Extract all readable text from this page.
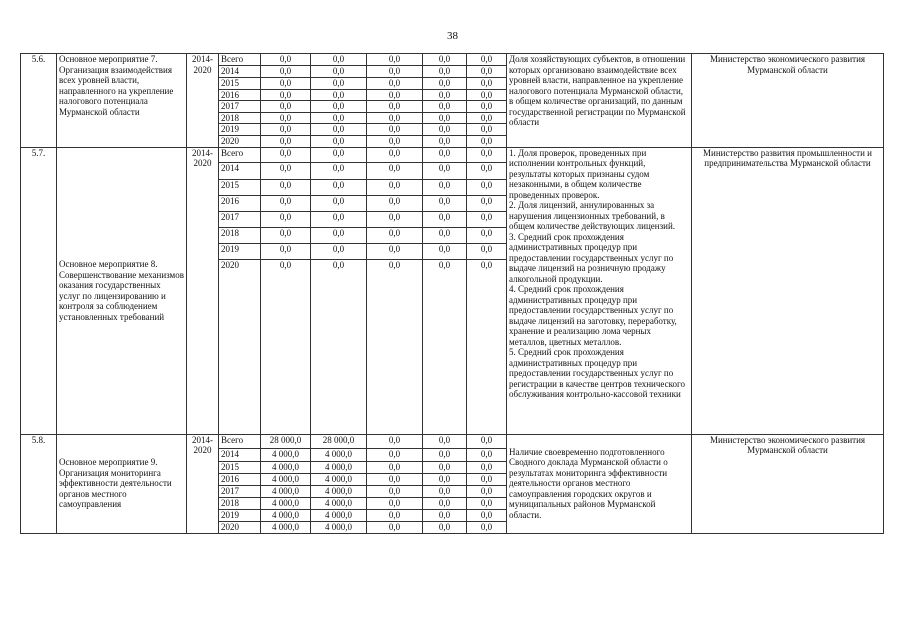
38
5.6.	Основное мероприятие 7. Организация взаимодействия всех уровней власти, направленного на укрепление налогового потенциала Мурманской области	2014-2020	Всего	0,0	0,0	0,0	0,0	0,0	Доля хозяйствующих субъектов, в отношении которых организовано взаимодействие всех уровней власти, направленное на укрепление налогового потенциала Мурманской области, в общем количестве организаций, по данным государственной регистрации по Мурманской области	Министерство экономического развития Мурманской области
			2014	0,0	0,0	0,0	0,0	0,0		
			2015	0,0	0,0	0,0	0,0	0,0		
			2016	0,0	0,0	0,0	0,0	0,0		
			2017	0,0	0,0	0,0	0,0	0,0		
			2018	0,0	0,0	0,0	0,0	0,0		
			2019	0,0	0,0	0,0	0,0	0,0		
			2020	0,0	0,0	0,0	0,0	0,0		
5.7.	Основное мероприятие 8. Совершенствование механизмов оказания государственных услуг по лицензированию и контроля за соблюдением установленных требований	2014-2020	Всего	0,0	0,0	0,0	0,0	0,0	1. Доля проверок, проведенных при исполнении контрольных функций, результаты которых признаны судом незаконными, в общем количестве проведенных проверок.

2. Доля лицензий, аннулированных за нарушения лицензионных требований, в общем количестве действующих лицензий.

3. Средний срок прохождения административных процедур при предоставлении государственных услуг по выдаче лицензий на розничную продажу алкогольной продукции.

4. Средний срок прохождения административных процедур при предоставлении государственных услуг по выдаче лицензий на заготовку, переработку, хранение и реализацию лома черных металлов, цветных металлов.

5. Средний срок прохождения административных процедур при предоставлении государственных услуг по регистрации в качестве центров технического обслуживания контрольно-кассовой техники	Министерство развития промышленности и предпринимательства Мурманской области
			2014	0,0	0,0	0,0	0,0	0,0		
			2015	0,0	0,0	0,0	0,0	0,0		
			2016	0,0	0,0	0,0	0,0	0,0		
			2017	0,0	0,0	0,0	0,0	0,0		
			2018	0,0	0,0	0,0	0,0	0,0		
			2019	0,0	0,0	0,0	0,0	0,0		
			2020	0,0	0,0	0,0	0,0	0,0		
5.8.	Основное мероприятие 9. Организация мониторинга эффективности деятельности органов местного самоуправления	2014-2020	Всего	28 000,0	28 000,0	0,0	0,0	0,0	Наличие своевременно подготовленного Сводного доклада Мурманской области о результатах мониторинга эффективности деятельности органов местного самоуправления городских округов и муниципальных районов Мурманской области.	Министерство экономического развития Мурманской области
			2014	4 000,0	4 000,0	0,0	0,0	0,0		
			2015	4 000,0	4 000,0	0,0	0,0	0,0		
			2016	4 000,0	4 000,0	0,0	0,0	0,0		
			2017	4 000,0	4 000,0	0,0	0,0	0,0		
			2018	4 000,0	4 000,0	0,0	0,0	0,0		
			2019	4 000,0	4 000,0	0,0	0,0	0,0		
			2020	4 000,0	4 000,0	0,0	0,0	0,0		
